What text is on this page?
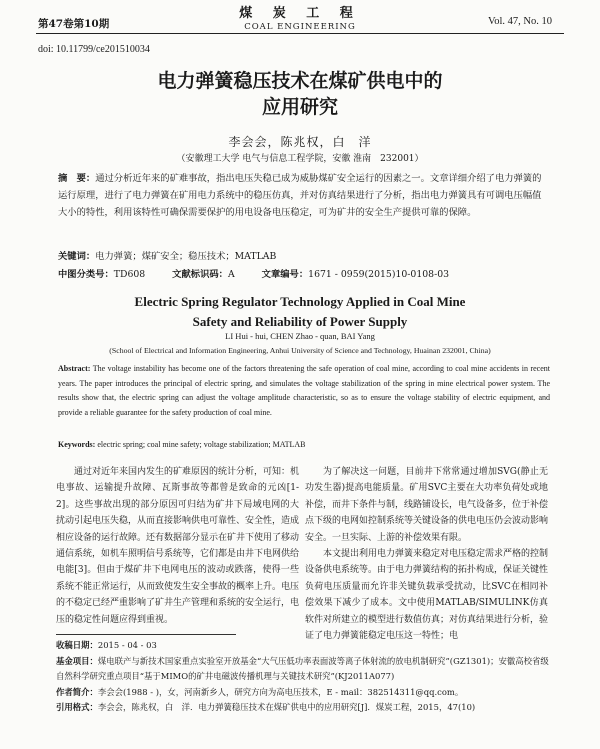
第47卷第10期
煤 炭 工 程
COAL ENGINEERING	Vol. 47, No. 10
doi: 10.11799/ce201510034
电力弹簧稳压技术在煤矿供电中的
应用研究
李会会，陈兆权，白　洋
（安徽理工大学 电气与信息工程学院，安徽 淮南　232001）
摘　要：通过分析近年来的矿难事故，指出电压失稳已成为威胁煤矿安全运行的因素之一。文章详细介绍了电力弹簧的运行原理，进行了电力弹簧在矿用电力系统中的稳压仿真，并对仿真结果进行了分析，指出电力弹簧具有可调电压幅值大小的特性，利用该特性可确保需要保护的用电设备电压稳定，可为矿井的安全生产提供可靠的保障。
关键词：电力弹簧；煤矿安全；稳压技术；MATLAB
中图分类号：TD608	文献标识码：A	文章编号：1671 - 0959(2015)10-0108-03
Electric Spring Regulator Technology Applied in Coal Mine
Safety and Reliability of Power Supply
LI Hui - hui, CHEN Zhao - quan, BAI Yang
(School of Electrical and Information Engineering, Anhui University of Science and Technology, Huainan 232001, China)
Abstract: The voltage instability has become one of the factors threatening the safe operation of coal mine, according to coal mine accidents in recent years. The paper introduces the principal of electric spring, and simulates the voltage stabilization of the spring in mine electrical power system. The results show that, the electric spring can adjust the voltage amplitude characteristic, so as to ensure the voltage stability of electric equipment, and provide a reliable guarantee for the safety production of coal mine.
Keywords: electric spring; coal mine safety; voltage stabilization; MATLAB

通过对近年来国内发生的矿难原因的统计分析，可知：机电事故、运输提升故障、瓦斯事故等都曾是致命的元凶[1-2]。这些事故出现的部分原因可归结为矿井下局域电网的大扰动引起电压失稳，从而直接影响供电可靠性、安全性，造成相应设备的运行故障。还有数据部分显示在矿井下使用了移动通信系统，如机车照明信号系统等，它们都是由井下电网供给电能[3]。但由于煤矿井下电网电压的波动或跌落，使得一些系统不能正常运行，从而致使发生安全事故的概率上升。电压的不稳定已经严重影响了矿井生产管理和系统的安全运行，电压的稳定性问题应得到重视。

为了解决这一问题，目前井下常常通过增加SVG(静止无功发生器)提高电能质量。矿用SVC主要在大功率负荷处或地补偿，而井下条件与制，线路铺设长，电气设备多，位于补偿点下级的电网如控制系统等关键设备的供电电压仍会波动影响安全。一旦实际、上游的补偿效果有限。

本文提出利用电力弹簧来稳定对电压稳定需求严格的控制设备供电系统等。由于电力弹簧结构的拓扑构成，保证关键性负荷电压质量而允许非关键负载承受扰动，比SVC在相同补偿效果下减少了成本。文中使用MATLAB/SIMULINK仿真软件对所建立的模型进行数值仿真；对仿真结果进行分析，验证了电力弹簧能稳定电压这一特性；电

收稿日期：2015 - 04 - 03
基金项目：煤电联产与新技术国家重点实验室开放基金“大气压低功率表面波等离子体射流的放电机制研究”(GZ1301)；安徽高校省级自然科学研究重点项目“基于MIMO的矿井电磁波传播机理与关键技术研究”(KJ2011A077)
作者简介：李会会(1988 - )，女，河南新乡人，研究方向为高电压技术，E - mail：382514311@qq.com。
引用格式：李会会，陈兆权，白　洋．电力弹簧稳压技术在煤矿供电中的应用研究[J]．煤炭工程，2015，47(10)
